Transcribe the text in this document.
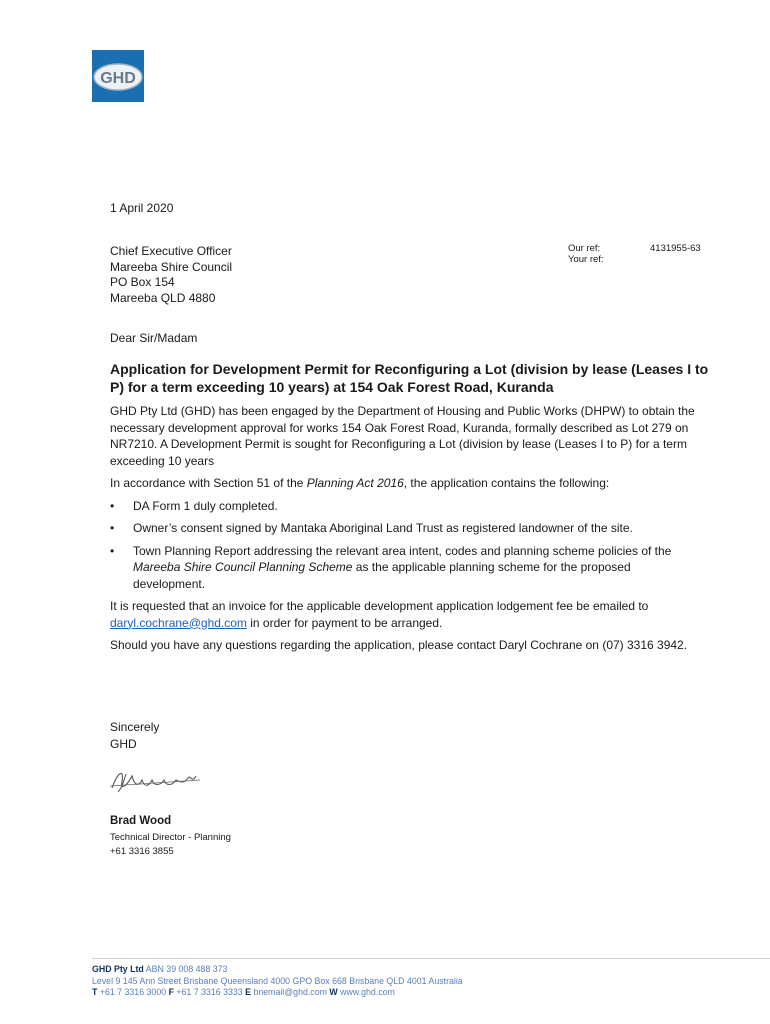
GHD
1 April 2020
Chief Executive Officer
Mareeba Shire Council
PO Box 154
Mareeba QLD 4880
Our ref:	4131955-63
Your ref:
Dear Sir/Madam
Application for Development Permit for Reconfiguring a Lot (division by lease (Leases I to P) for a term exceeding 10 years) at 154 Oak Forest Road, Kuranda

GHD Pty Ltd (GHD) has been engaged by the Department of Housing and Public Works (DHPW) to obtain the necessary development approval for works 154 Oak Forest Road, Kuranda, formally described as Lot 279 on NR7210. A Development Permit is sought for Reconfiguring a Lot (division by lease (Leases I to P) for a term exceeding 10 years

In accordance with Section 51 of the Planning Act 2016, the application contains the following:

• DA Form 1 duly completed.
• Owner’s consent signed by Mantaka Aboriginal Land Trust as registered landowner of the site.
• Town Planning Report addressing the relevant area intent, codes and planning scheme policies of the Mareeba Shire Council Planning Scheme as the applicable planning scheme for the proposed development.

It is requested that an invoice for the applicable development application lodgement fee be emailed to daryl.cochrane@ghd.com in order for payment to be arranged.

Should you have any questions regarding the application, please contact Daryl Cochrane on (07) 3316 3942.

Sincerely
GHD
Brad Wood
Technical Director - Planning
+61 3316 3855
GHD Pty Ltd ABN 39 008 488 373
Level 9 145 Ann Street Brisbane Queensland 4000 GPO Box 668 Brisbane QLD 4001 Australia
T +61 7 3316 3000 F +61 7 3316 3333 E bnemail@ghd.com W www.ghd.com
